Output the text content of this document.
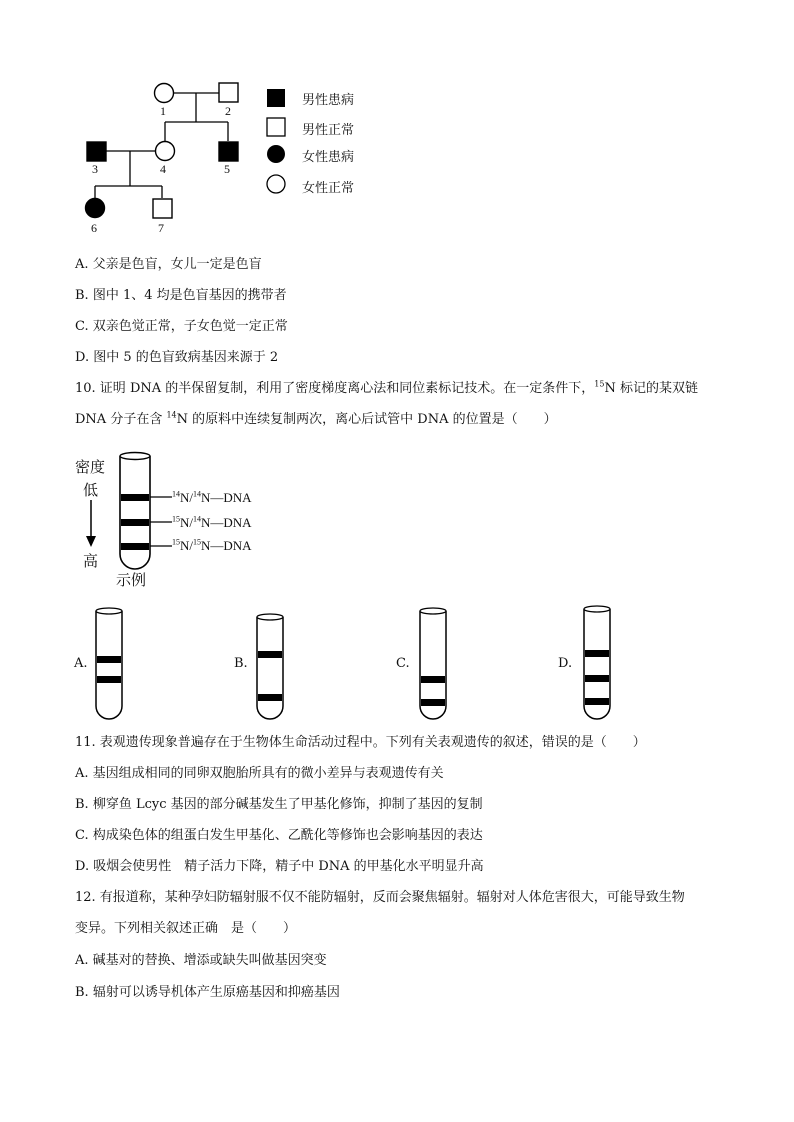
1	2
3	4	5
6	7
男性患病
男性正常
女性患病
女性正常
A. 父亲是色盲，女儿一定是色盲
B. 图中 1、4 均是色盲基因的携带者
C. 双亲色觉正常，子女色觉一定正常
D. 图中 5 的色盲致病基因来源于 2
10. 证明 DNA 的半保留复制，利用了密度梯度离心法和同位素标记技术。在一定条件下，$^{15}$N 标记的某双链
DNA 分子在含 $^{14}$N 的原料中连续复制两次，离心后试管中 DNA 的位置是（　　）
密度
低
高
$^{14}$N/$^{14}$N—DNA
$^{15}$N/$^{14}$N—DNA
$^{15}$N/$^{15}$N—DNA
示例
A.	B.	C.	D.
11. 表观遗传现象普遍存在于生物体生命活动过程中。下列有关表观遗传的叙述，错误的是（　　）
A. 基因组成相同的同卵双胞胎所具有的微小差异与表观遗传有关
B. 柳穿鱼 Lcyc 基因的部分碱基发生了甲基化修饰，抑制了基因的复制
C. 构成染色体的组蛋白发生甲基化、乙酰化等修饰也会影响基因的表达
D. 吸烟会使男性　精子活力下降，精子中 DNA 的甲基化水平明显升高
12. 有报道称，某种孕妇防辐射服不仅不能防辐射，反而会聚焦辐射。辐射对人体危害很大，可能导致生物
变异。下列相关叙述正确　是（　　）
A. 碱基对的替换、增添或缺失叫做基因突变
B. 辐射可以诱导机体产生原癌基因和抑癌基因
